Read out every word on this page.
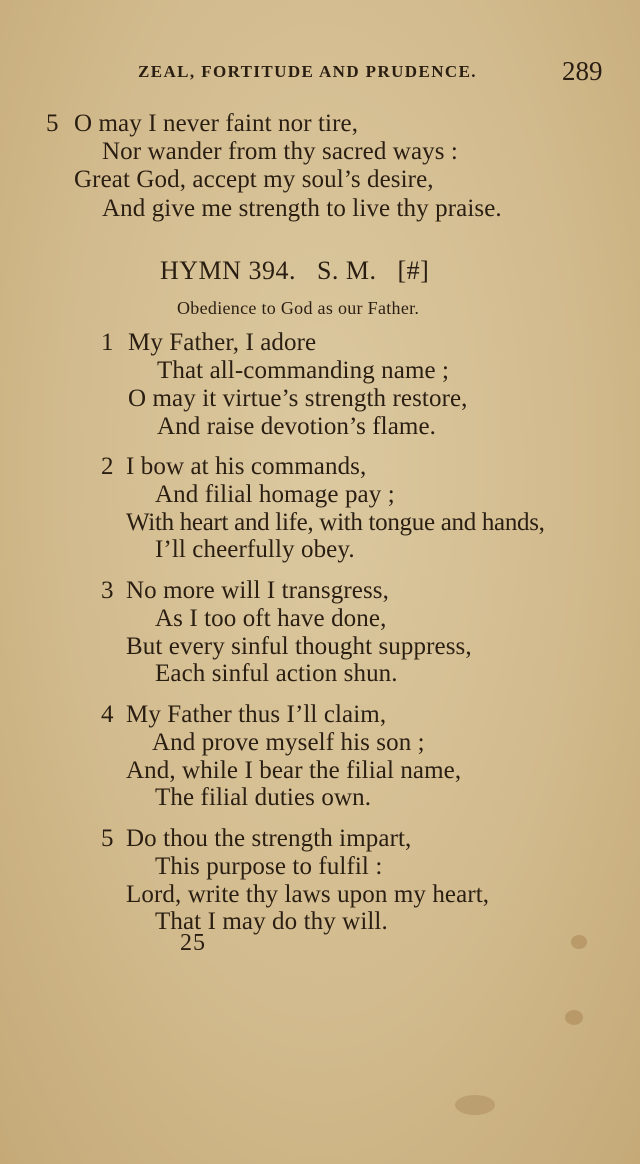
ZEAL, FORTITUDE AND PRUDENCE.	289
5 O may I never faint nor tire,
Nor wander from thy sacred ways :
Great God, accept my soul’s desire,
And give me strength to live thy praise.
HYMN 394.   S. M.   [#]
Obedience to God as our Father.
1 My Father, I adore
That all-commanding name ;
O may it virtue’s strength restore,
And raise devotion’s flame.
2 I bow at his commands,
And filial homage pay ;
With heart and life, with tongue and hands,
I’ll cheerfully obey.
3 No more will I transgress,
As I too oft have done,
But every sinful thought suppress,
Each sinful action shun.
4 My Father thus I’ll claim,
And prove myself his son ;
And, while I bear the filial name,
The filial duties own.
5 Do thou the strength impart,
This purpose to fulfil :
Lord, write thy laws upon my heart,
That I may do thy will.
25
